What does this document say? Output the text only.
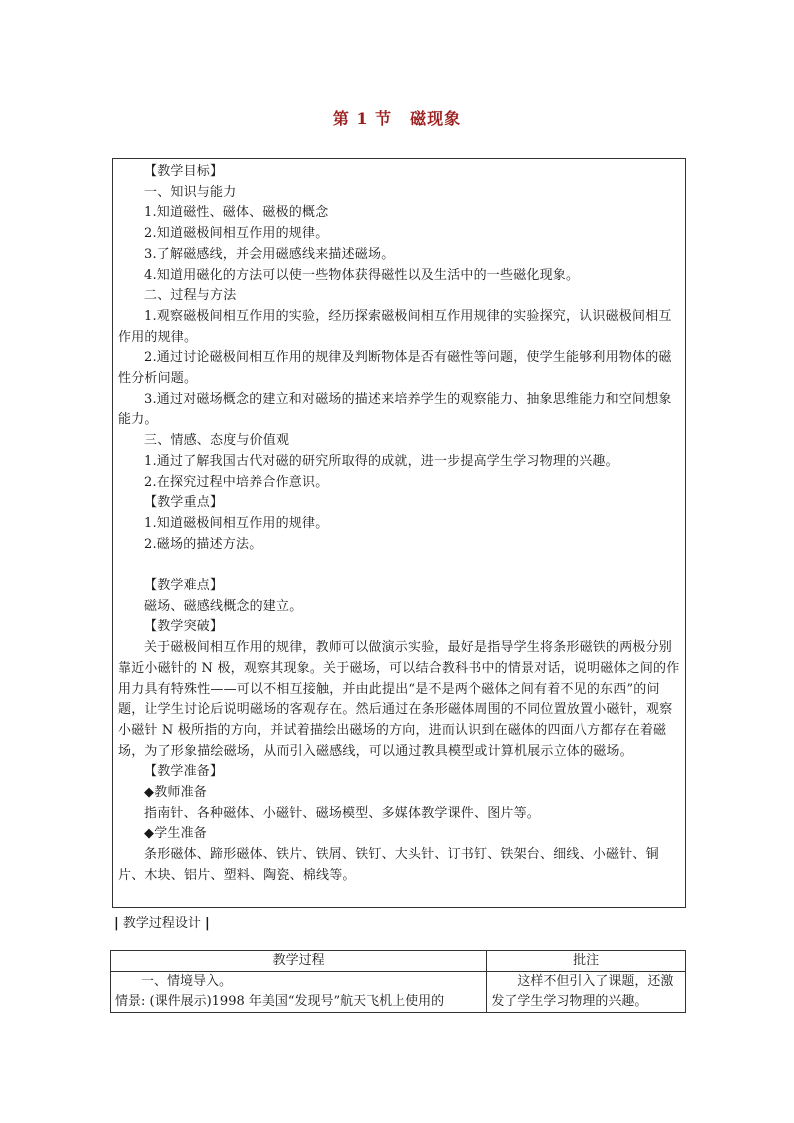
第 1 节 磁现象

【教学目标】

一、知识与能力

1.知道磁性、磁体、磁极的概念

2.知道磁极间相互作用的规律。

3.了解磁感线，并会用磁感线来描述磁场。

4.知道用磁化的方法可以使一些物体获得磁性以及生活中的一些磁化现象。

二、过程与方法

1.观察磁极间相互作用的实验，经历探索磁极间相互作用规律的实验探究，认识磁极间相互作用的规律。

2.通过讨论磁极间相互作用的规律及判断物体是否有磁性等问题，使学生能够利用物体的磁性分析问题。

3.通过对磁场概念的建立和对磁场的描述来培养学生的观察能力、抽象思维能力和空间想象能力。

三、情感、态度与价值观

1.通过了解我国古代对磁的研究所取得的成就，进一步提高学生学习物理的兴趣。

2.在探究过程中培养合作意识。

【教学重点】

1.知道磁极间相互作用的规律。

2.磁场的描述方法。

【教学难点】

磁场、磁感线概念的建立。

【教学突破】

关于磁极间相互作用的规律，教师可以做演示实验，最好是指导学生将条形磁铁的两极分别靠近小磁针的 N 极，观察其现象。关于磁场，可以结合教科书中的情景对话，说明磁体之间的作用力具有特殊性——可以不相互接触，并由此提出“是不是两个磁体之间有着不见的东西”的问题，让学生讨论后说明磁场的客观存在。然后通过在条形磁体周围的不同位置放置小磁针，观察小磁针 N 极所指的方向，并试着描绘出磁场的方向，进而认识到在磁体的四面八方都存在着磁场，为了形象描绘磁场，从而引入磁感线，可以通过教具模型或计算机展示立体的磁场。

【教学准备】

◆教师准备

指南针、各种磁体、小磁针、磁场模型、多媒体教学课件、图片等。

◆学生准备

条形磁体、蹄形磁体、铁片、铁屑、铁钉、大头针、订书钉、铁架台、细线、小磁针、铜片、木块、铝片、塑料、陶瓷、棉线等。

| 教学过程设计 |
教学过程	批注

一、情境导入。
情景: (课件展示)1998 年美国“发现号”航天飞机上使用的	这样不但引入了课题，还激发了学生学习物理的兴趣。
